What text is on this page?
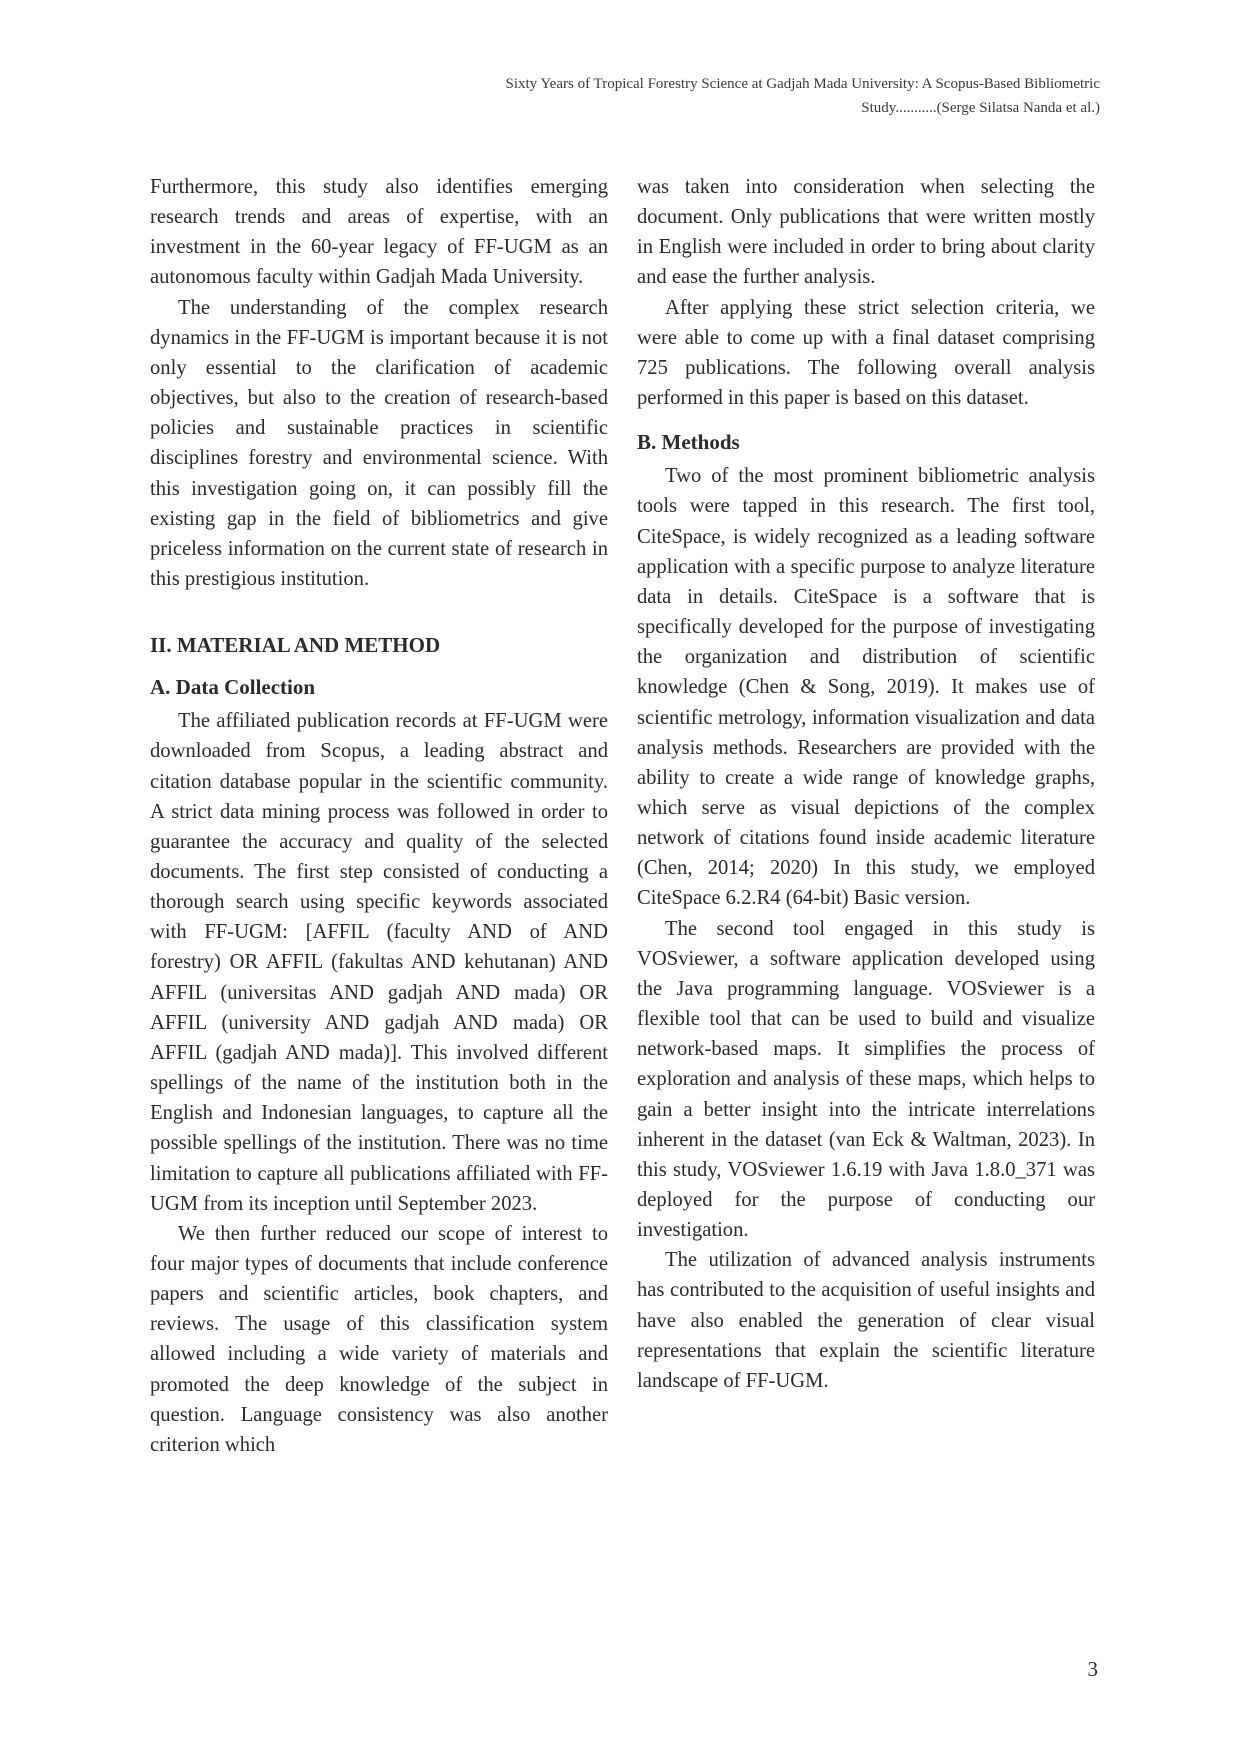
Sixty Years of Tropical Forestry Science at Gadjah Mada University: A Scopus-Based Bibliometric
Study...........(Serge Silatsa Nanda et al.)

Furthermore, this study also identifies emerging research trends and areas of expertise, with an investment in the 60-year legacy of FF-UGM as an autonomous faculty within Gadjah Mada University.

The understanding of the complex research dynamics in the FF-UGM is important because it is not only essential to the clarification of academic objectives, but also to the creation of research-based policies and sustainable practices in scientific disciplines forestry and environmental science. With this investigation going on, it can possibly fill the existing gap in the field of bibliometrics and give priceless information on the current state of research in this prestigious institution.

II. MATERIAL AND METHOD
A. Data Collection

The affiliated publication records at FF-UGM were downloaded from Scopus, a leading abstract and citation database popular in the scientific community. A strict data mining process was followed in order to guarantee the accuracy and quality of the selected documents. The first step consisted of conducting a thorough search using specific keywords associated with FF-UGM: [AFFIL (faculty AND of AND forestry) OR AFFIL (fakultas AND kehutanan) AND AFFIL (universitas AND gadjah AND mada) OR AFFIL (university AND gadjah AND mada) OR AFFIL (gadjah AND mada)]. This involved different spellings of the name of the institution both in the English and Indonesian languages, to capture all the possible spellings of the institution. There was no time limitation to capture all publications affiliated with FF-UGM from its inception until September 2023.

We then further reduced our scope of interest to four major types of documents that include conference papers and scientific articles, book chapters, and reviews. The usage of this classification system allowed including a wide variety of materials and promoted the deep knowledge of the subject in question. Language consistency was also another criterion which

was taken into consideration when selecting the document. Only publications that were written mostly in English were included in order to bring about clarity and ease the further analysis.

After applying these strict selection criteria, we were able to come up with a final dataset comprising 725 publications. The following overall analysis performed in this paper is based on this dataset.

B. Methods

Two of the most prominent bibliometric analysis tools were tapped in this research. The first tool, CiteSpace, is widely recognized as a leading software application with a specific purpose to analyze literature data in details. CiteSpace is a software that is specifically developed for the purpose of investigating the organization and distribution of scientific knowledge (Chen & Song, 2019). It makes use of scientific metrology, information visualization and data analysis methods. Researchers are provided with the ability to create a wide range of knowledge graphs, which serve as visual depictions of the complex network of citations found inside academic literature (Chen, 2014; 2020) In this study, we employed CiteSpace 6.2.R4 (64-bit) Basic version.

The second tool engaged in this study is VOSviewer, a software application developed using the Java programming language. VOSviewer is a flexible tool that can be used to build and visualize network-based maps. It simplifies the process of exploration and analysis of these maps, which helps to gain a better insight into the intricate interrelations inherent in the dataset (van Eck & Waltman, 2023). In this study, VOSviewer 1.6.19 with Java 1.8.0_371 was deployed for the purpose of conducting our investigation.

The utilization of advanced analysis instruments has contributed to the acquisition of useful insights and have also enabled the generation of clear visual representations that explain the scientific literature landscape of FF-UGM.

3
